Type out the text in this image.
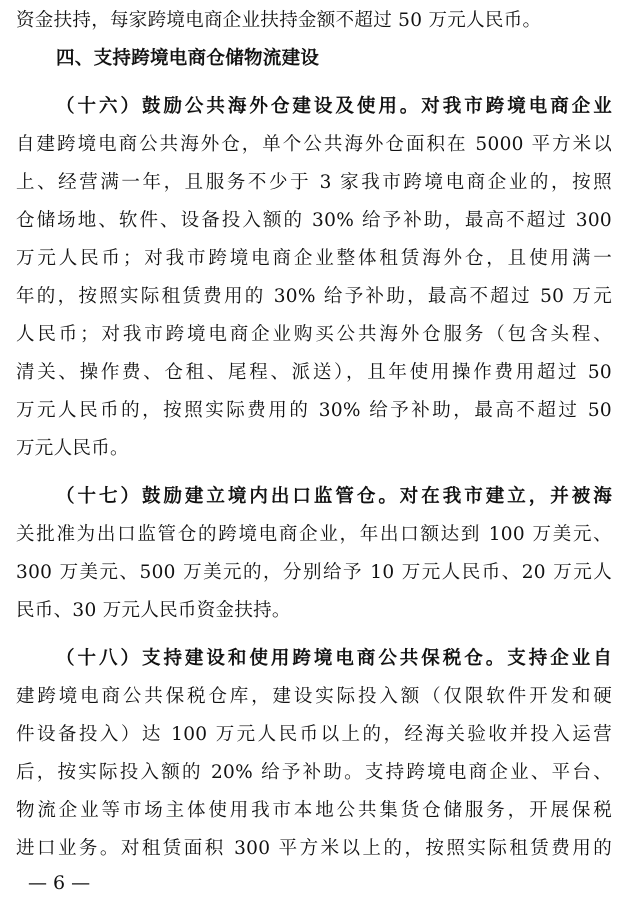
资金扶持，每家跨境电商企业扶持金额不超过 50 万元人民币。
四、支持跨境电商仓储物流建设
（十六）鼓励公共海外仓建设及使用。对我市跨境电商企业
自建跨境电商公共海外仓，单个公共海外仓面积在 5000 平方米以
上、经营满一年，且服务不少于 3 家我市跨境电商企业的，按照
仓储场地、软件、设备投入额的 30% 给予补助，最高不超过 300
万元人民币；对我市跨境电商企业整体租赁海外仓，且使用满一
年的，按照实际租赁费用的 30% 给予补助，最高不超过 50 万元
人民币；对我市跨境电商企业购买公共海外仓服务（包含头程、
清关、操作费、仓租、尾程、派送），且年使用操作费用超过 50
万元人民币的，按照实际费用的 30% 给予补助，最高不超过 50
万元人民币。
（十七）鼓励建立境内出口监管仓。对在我市建立，并被海
关批准为出口监管仓的跨境电商企业，年出口额达到 100 万美元、
300 万美元、500 万美元的，分别给予 10 万元人民币、20 万元人
民币、30 万元人民币资金扶持。
（十八）支持建设和使用跨境电商公共保税仓。支持企业自
建跨境电商公共保税仓库，建设实际投入额（仅限软件开发和硬
件设备投入）达 100 万元人民币以上的，经海关验收并投入运营
后，按实际投入额的 20% 给予补助。支持跨境电商企业、平台、
物流企业等市场主体使用我市本地公共集货仓储服务，开展保税
进口业务。对租赁面积 300 平方米以上的，按照实际租赁费用的
— 6 —
